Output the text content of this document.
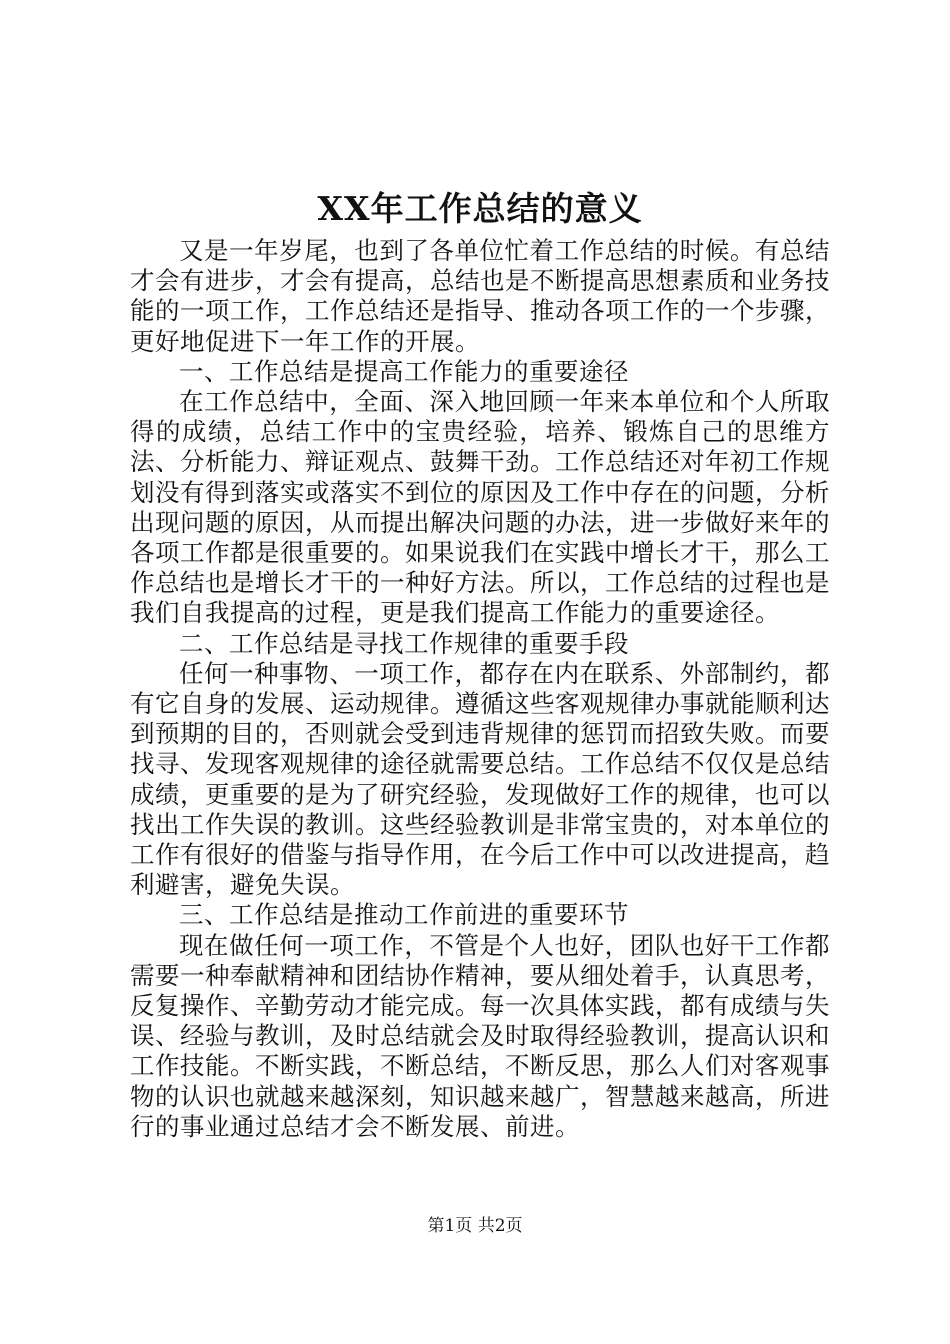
XX年工作总结的意义

又是一年岁尾，也到了各单位忙着工作总结的时候。有总结才会有进步，才会有提高，总结也是不断提高思想素质和业务技能的一项工作，工作总结还是指导、推动各项工作的一个步骤，更好地促进下一年工作的开展。

一、工作总结是提高工作能力的重要途径

在工作总结中，全面、深入地回顾一年来本单位和个人所取得的成绩，总结工作中的宝贵经验，培养、锻炼自己的思维方法、分析能力、辩证观点、鼓舞干劲。工作总结还对年初工作规划没有得到落实或落实不到位的原因及工作中存在的问题，分析出现问题的原因，从而提出解决问题的办法，进一步做好来年的各项工作都是很重要的。如果说我们在实践中增长才干，那么工作总结也是增长才干的一种好方法。所以，工作总结的过程也是我们自我提高的过程，更是我们提高工作能力的重要途径。

二、工作总结是寻找工作规律的重要手段

任何一种事物、一项工作，都存在内在联系、外部制约，都有它自身的发展、运动规律。遵循这些客观规律办事就能顺利达到预期的目的，否则就会受到违背规律的惩罚而招致失败。而要找寻、发现客观规律的途径就需要总结。工作总结不仅仅是总结成绩，更重要的是为了研究经验，发现做好工作的规律，也可以找出工作失误的教训。这些经验教训是非常宝贵的，对本单位的工作有很好的借鉴与指导作用，在今后工作中可以改进提高，趋利避害，避免失误。

三、工作总结是推动工作前进的重要环节

现在做任何一项工作，不管是个人也好，团队也好干工作都需要一种奉献精神和团结协作精神，要从细处着手，认真思考，反复操作、辛勤劳动才能完成。每一次具体实践，都有成绩与失误、经验与教训，及时总结就会及时取得经验教训，提高认识和工作技能。不断实践，不断总结，不断反思，那么人们对客观事物的认识也就越来越深刻，知识越来越广，智慧越来越高，所进行的事业通过总结才会不断发展、前进。

第1页 共2页
